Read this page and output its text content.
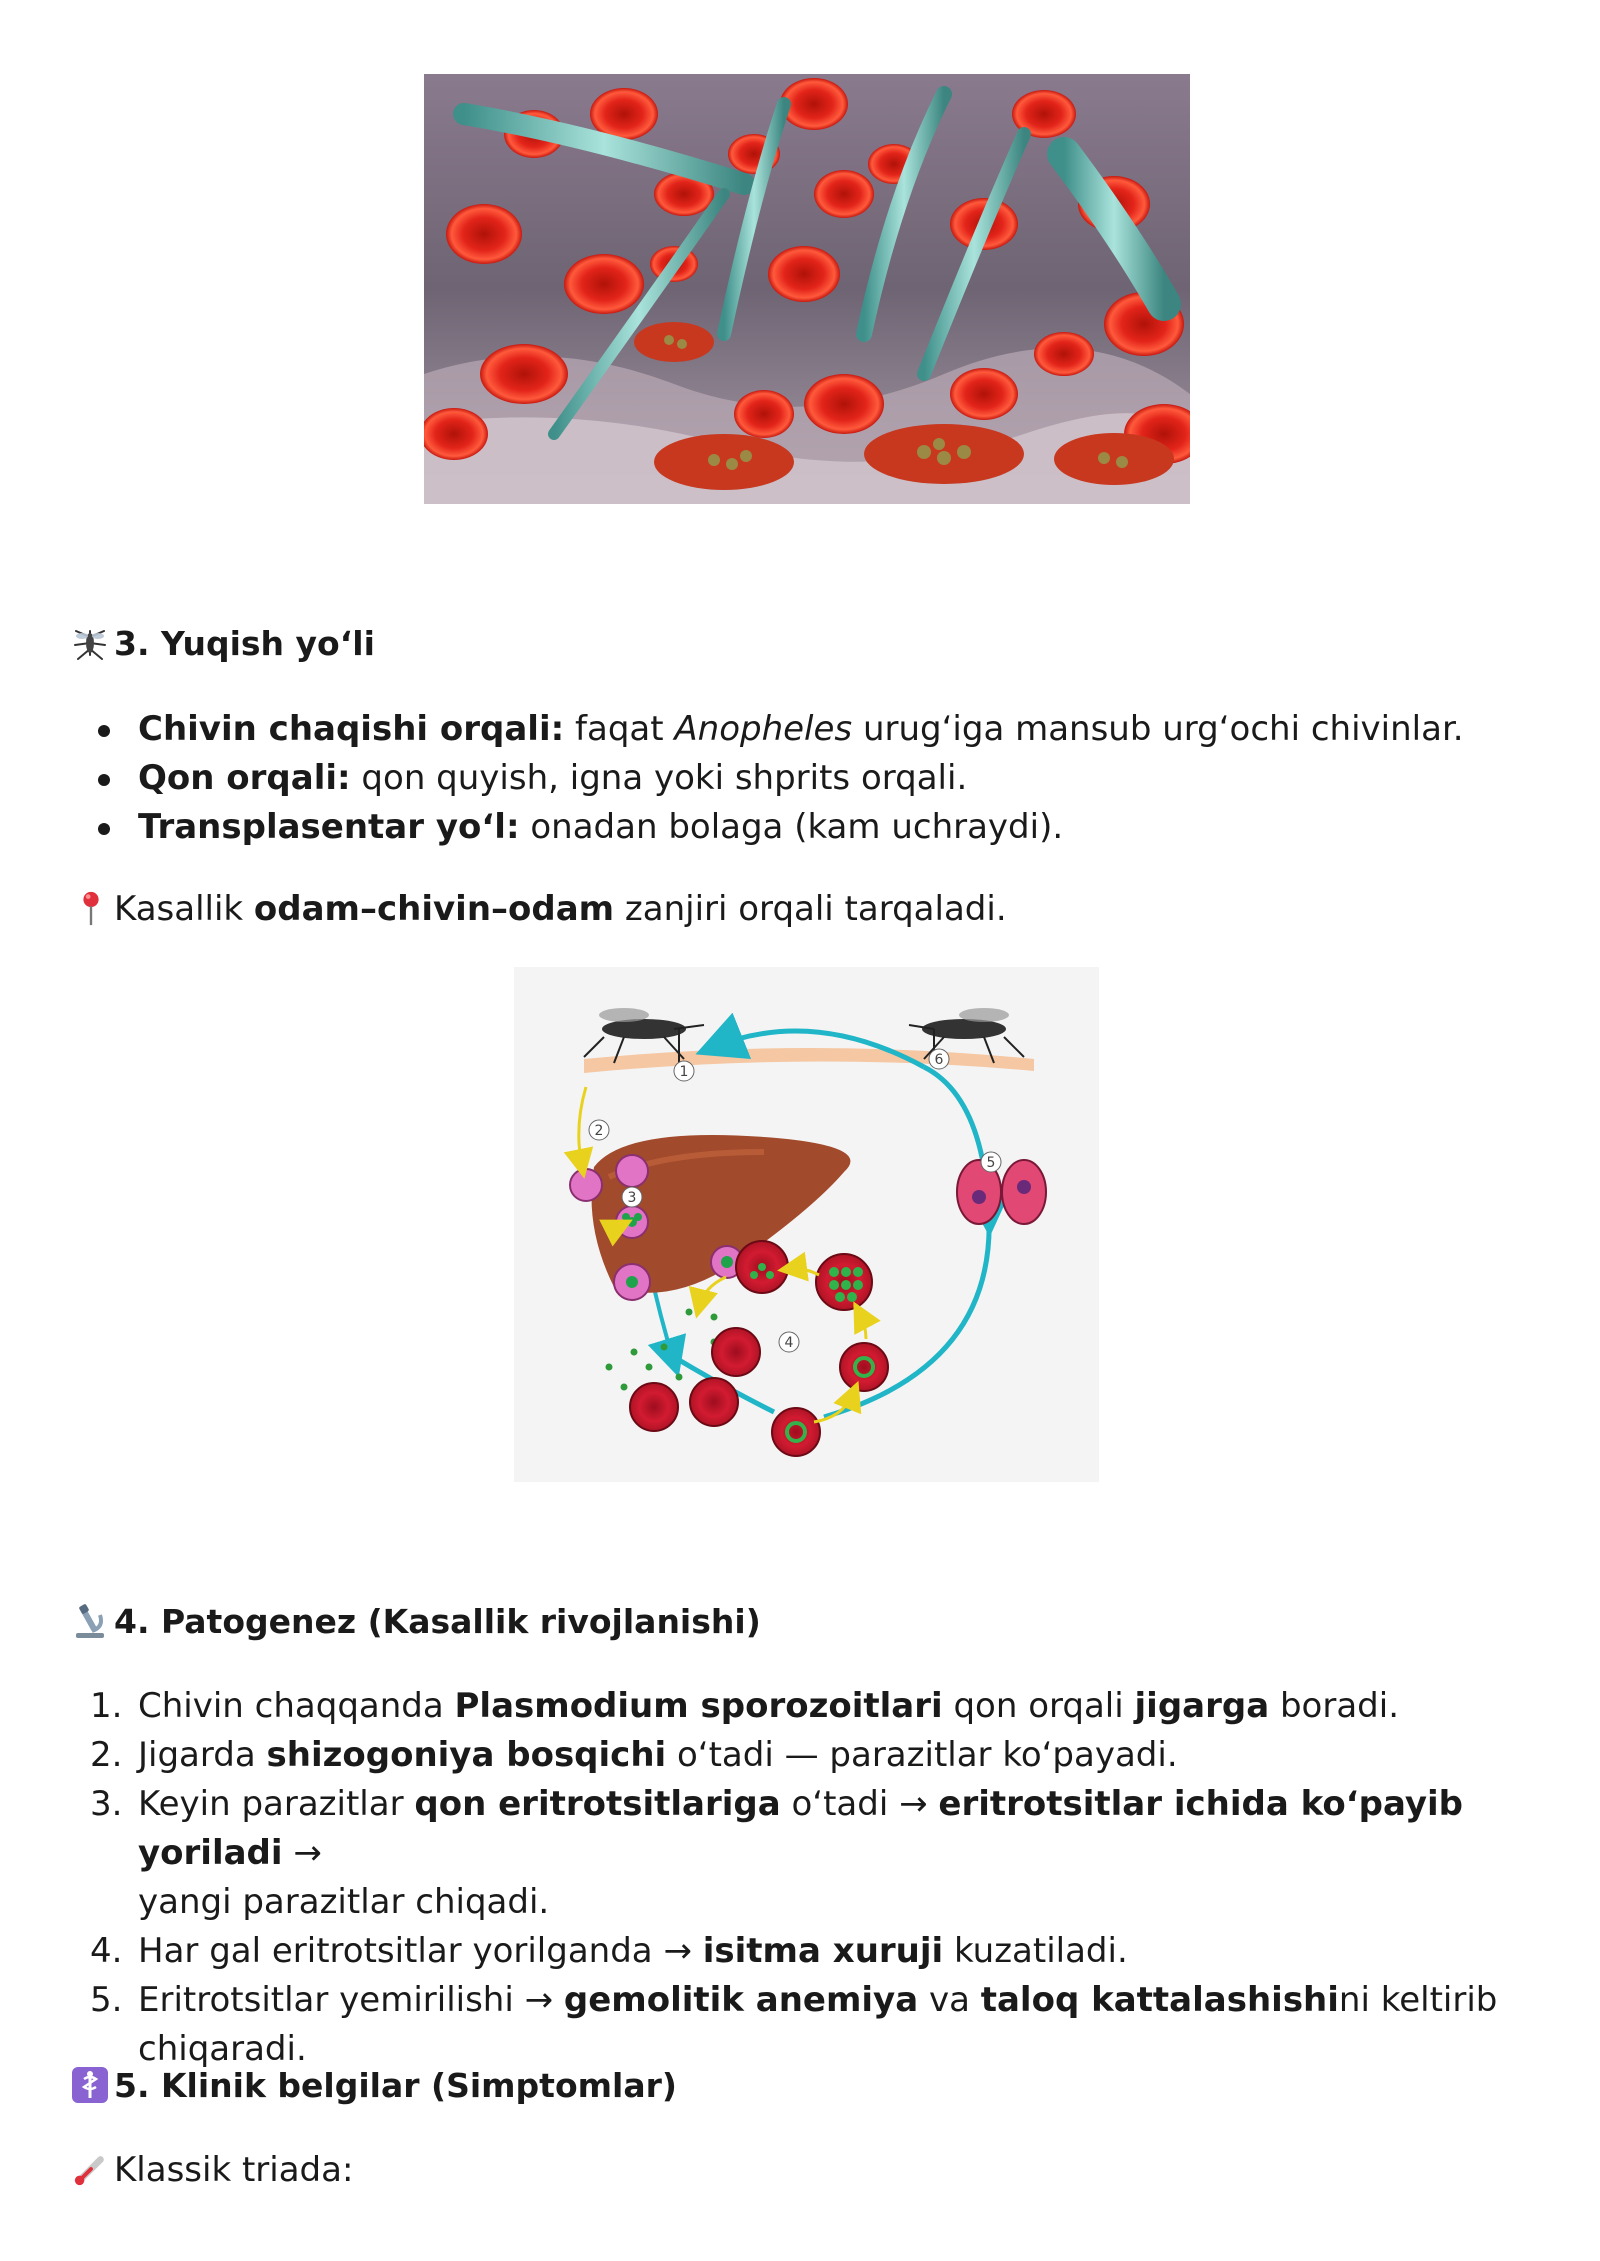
3. Yuqish yo‘li
Chivin chaqishi orqali: faqat Anopheles urug‘iga mansub urg‘ochi chivinlar.
Qon orqali: qon quyish, igna yoki shprits orqali.
Transplasentar yo‘l: onadan bolaga (kam uchraydi).
Kasallik odam–chivin–odam zanjiri orqali tarqaladi.
1
2
3
4
5
6
4. Patogenez (Kasallik rivojlanishi)
1. Chivin chaqqanda Plasmodium sporozoitlari qon orqali jigarga boradi.
2. Jigarda shizogoniya bosqichi o‘tadi — parazitlar ko‘payadi.
3. Keyin parazitlar qon eritrotsitlariga o‘tadi → eritrotsitlar ichida ko‘payib yoriladi →
yangi parazitlar chiqadi.
4. Har gal eritrotsitlar yorilganda → isitma xuruji kuzatiladi.
5. Eritrotsitlar yemirilishi → gemolitik anemiya va taloq kattalashishini keltirib
chiqaradi.
5. Klinik belgilar (Simptomlar)
Klassik triada:
